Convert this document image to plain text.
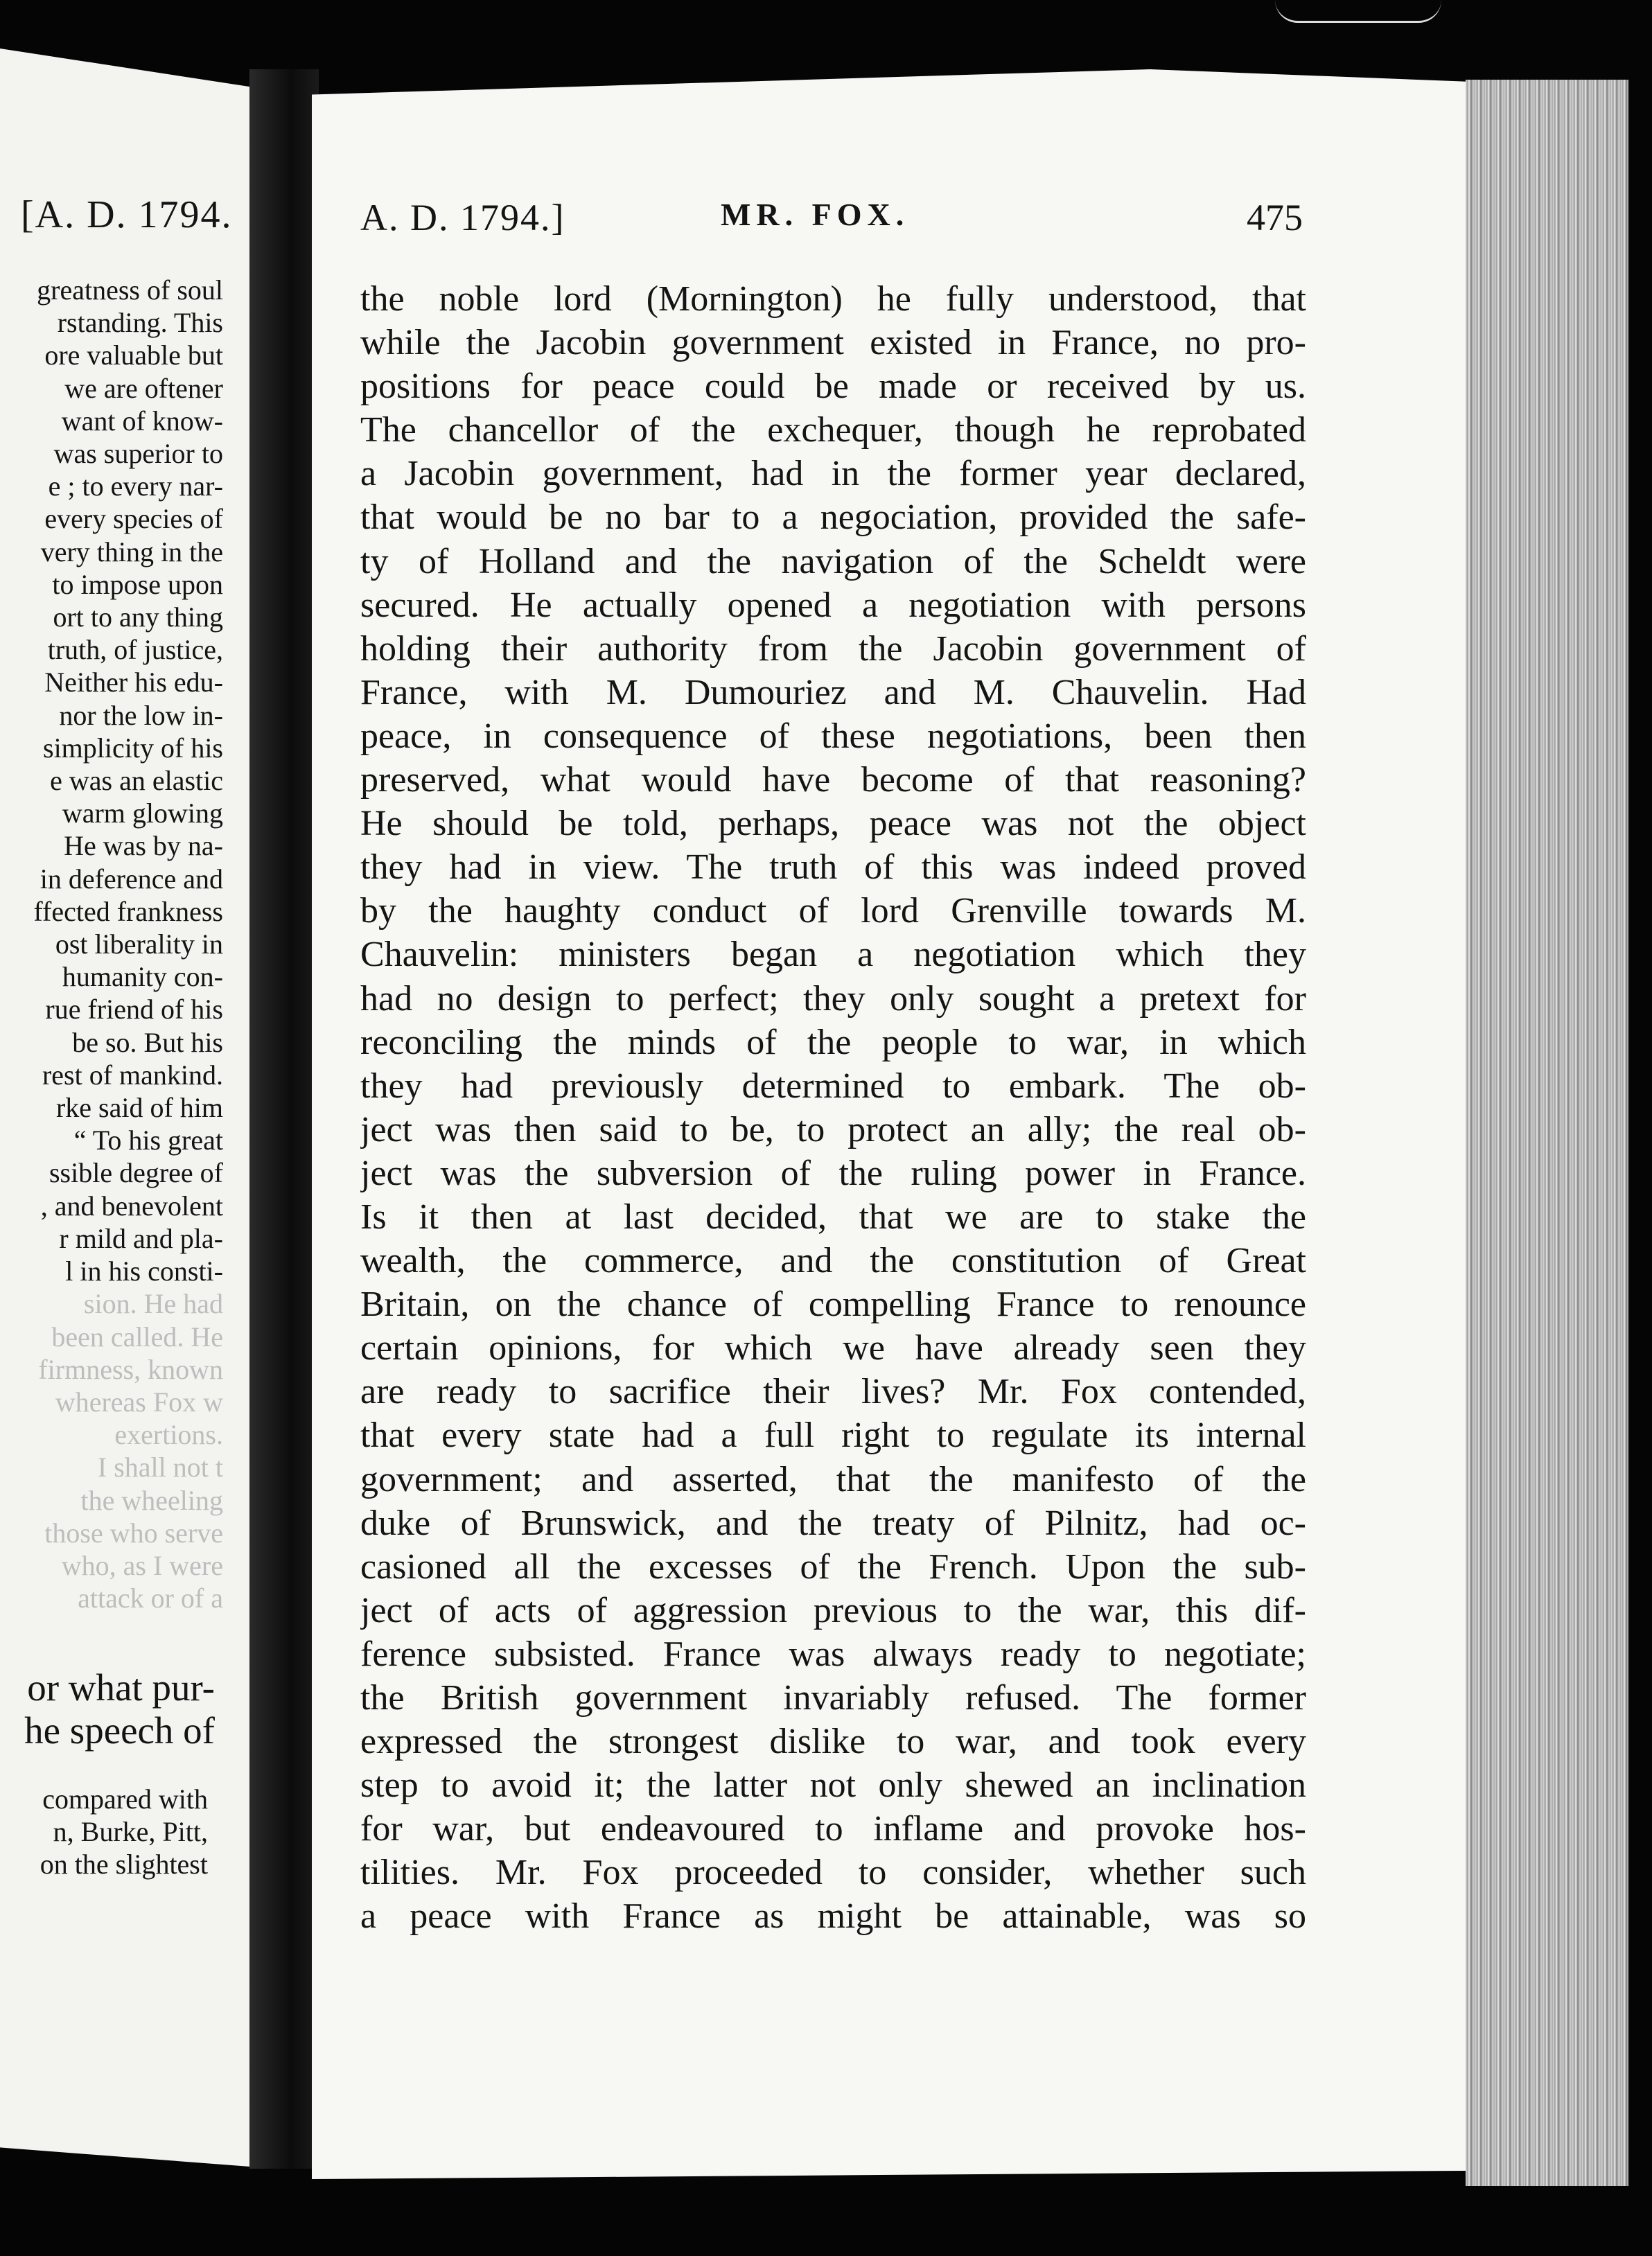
[A. D. 1794.
greatness of soul
rstanding. This
ore valuable but
we are oftener
want of know-
was superior to
e ; to every nar-
every species of
very thing in the
to impose upon
ort to any thing
truth, of justice,
Neither his edu-
nor the low in-
simplicity of his
e was an elastic
warm glowing
He was by na-
in deference and
ffected frankness
ost liberality in
humanity con-
rue friend of his
be so. But his
rest of mankind.
rke said of him
“ To his great
ssible degree of
, and benevolent
r mild and pla-
l in his consti-
sion. He had
been called. He
firmness, known
whereas Fox w
exertions.
I shall not t
the wheeling
those who serve
who, as I were
attack or of a
or what pur-
he speech of
compared with
n, Burke, Pitt,
on the slightest
A. D. 1794.]	MR. FOX.	475
the noble lord (Mornington) he fully understood, that
while the Jacobin government existed in France, no pro-
positions for peace could be made or received by us.
The chancellor of the exchequer, though he reprobated
a Jacobin government, had in the former year declared,
that would be no bar to a negociation, provided the safe-
ty of Holland and the navigation of the Scheldt were
secured. He actually opened a negotiation with persons
holding their authority from the Jacobin government of
France, with M. Dumouriez and M. Chauvelin. Had
peace, in consequence of these negotiations, been then
preserved, what would have become of that reasoning?
He should be told, perhaps, peace was not the object
they had in view. The truth of this was indeed proved
by the haughty conduct of lord Grenville towards M.
Chauvelin: ministers began a negotiation which they
had no design to perfect; they only sought a pretext for
reconciling the minds of the people to war, in which
they had previously determined to embark. The ob-
ject was then said to be, to protect an ally; the real ob-
ject was the subversion of the ruling power in France.
Is it then at last decided, that we are to stake the
wealth, the commerce, and the constitution of Great
Britain, on the chance of compelling France to renounce
certain opinions, for which we have already seen they
are ready to sacrifice their lives? Mr. Fox contended,
that every state had a full right to regulate its internal
government; and asserted, that the manifesto of the
duke of Brunswick, and the treaty of Pilnitz, had oc-
casioned all the excesses of the French. Upon the sub-
ject of acts of aggression previous to the war, this dif-
ference subsisted. France was always ready to negotiate;
the British government invariably refused. The former
expressed the strongest dislike to war, and took every
step to avoid it; the latter not only shewed an inclination
for war, but endeavoured to inflame and provoke hos-
tilities. Mr. Fox proceeded to consider, whether such
a peace with France as might be attainable, was so
